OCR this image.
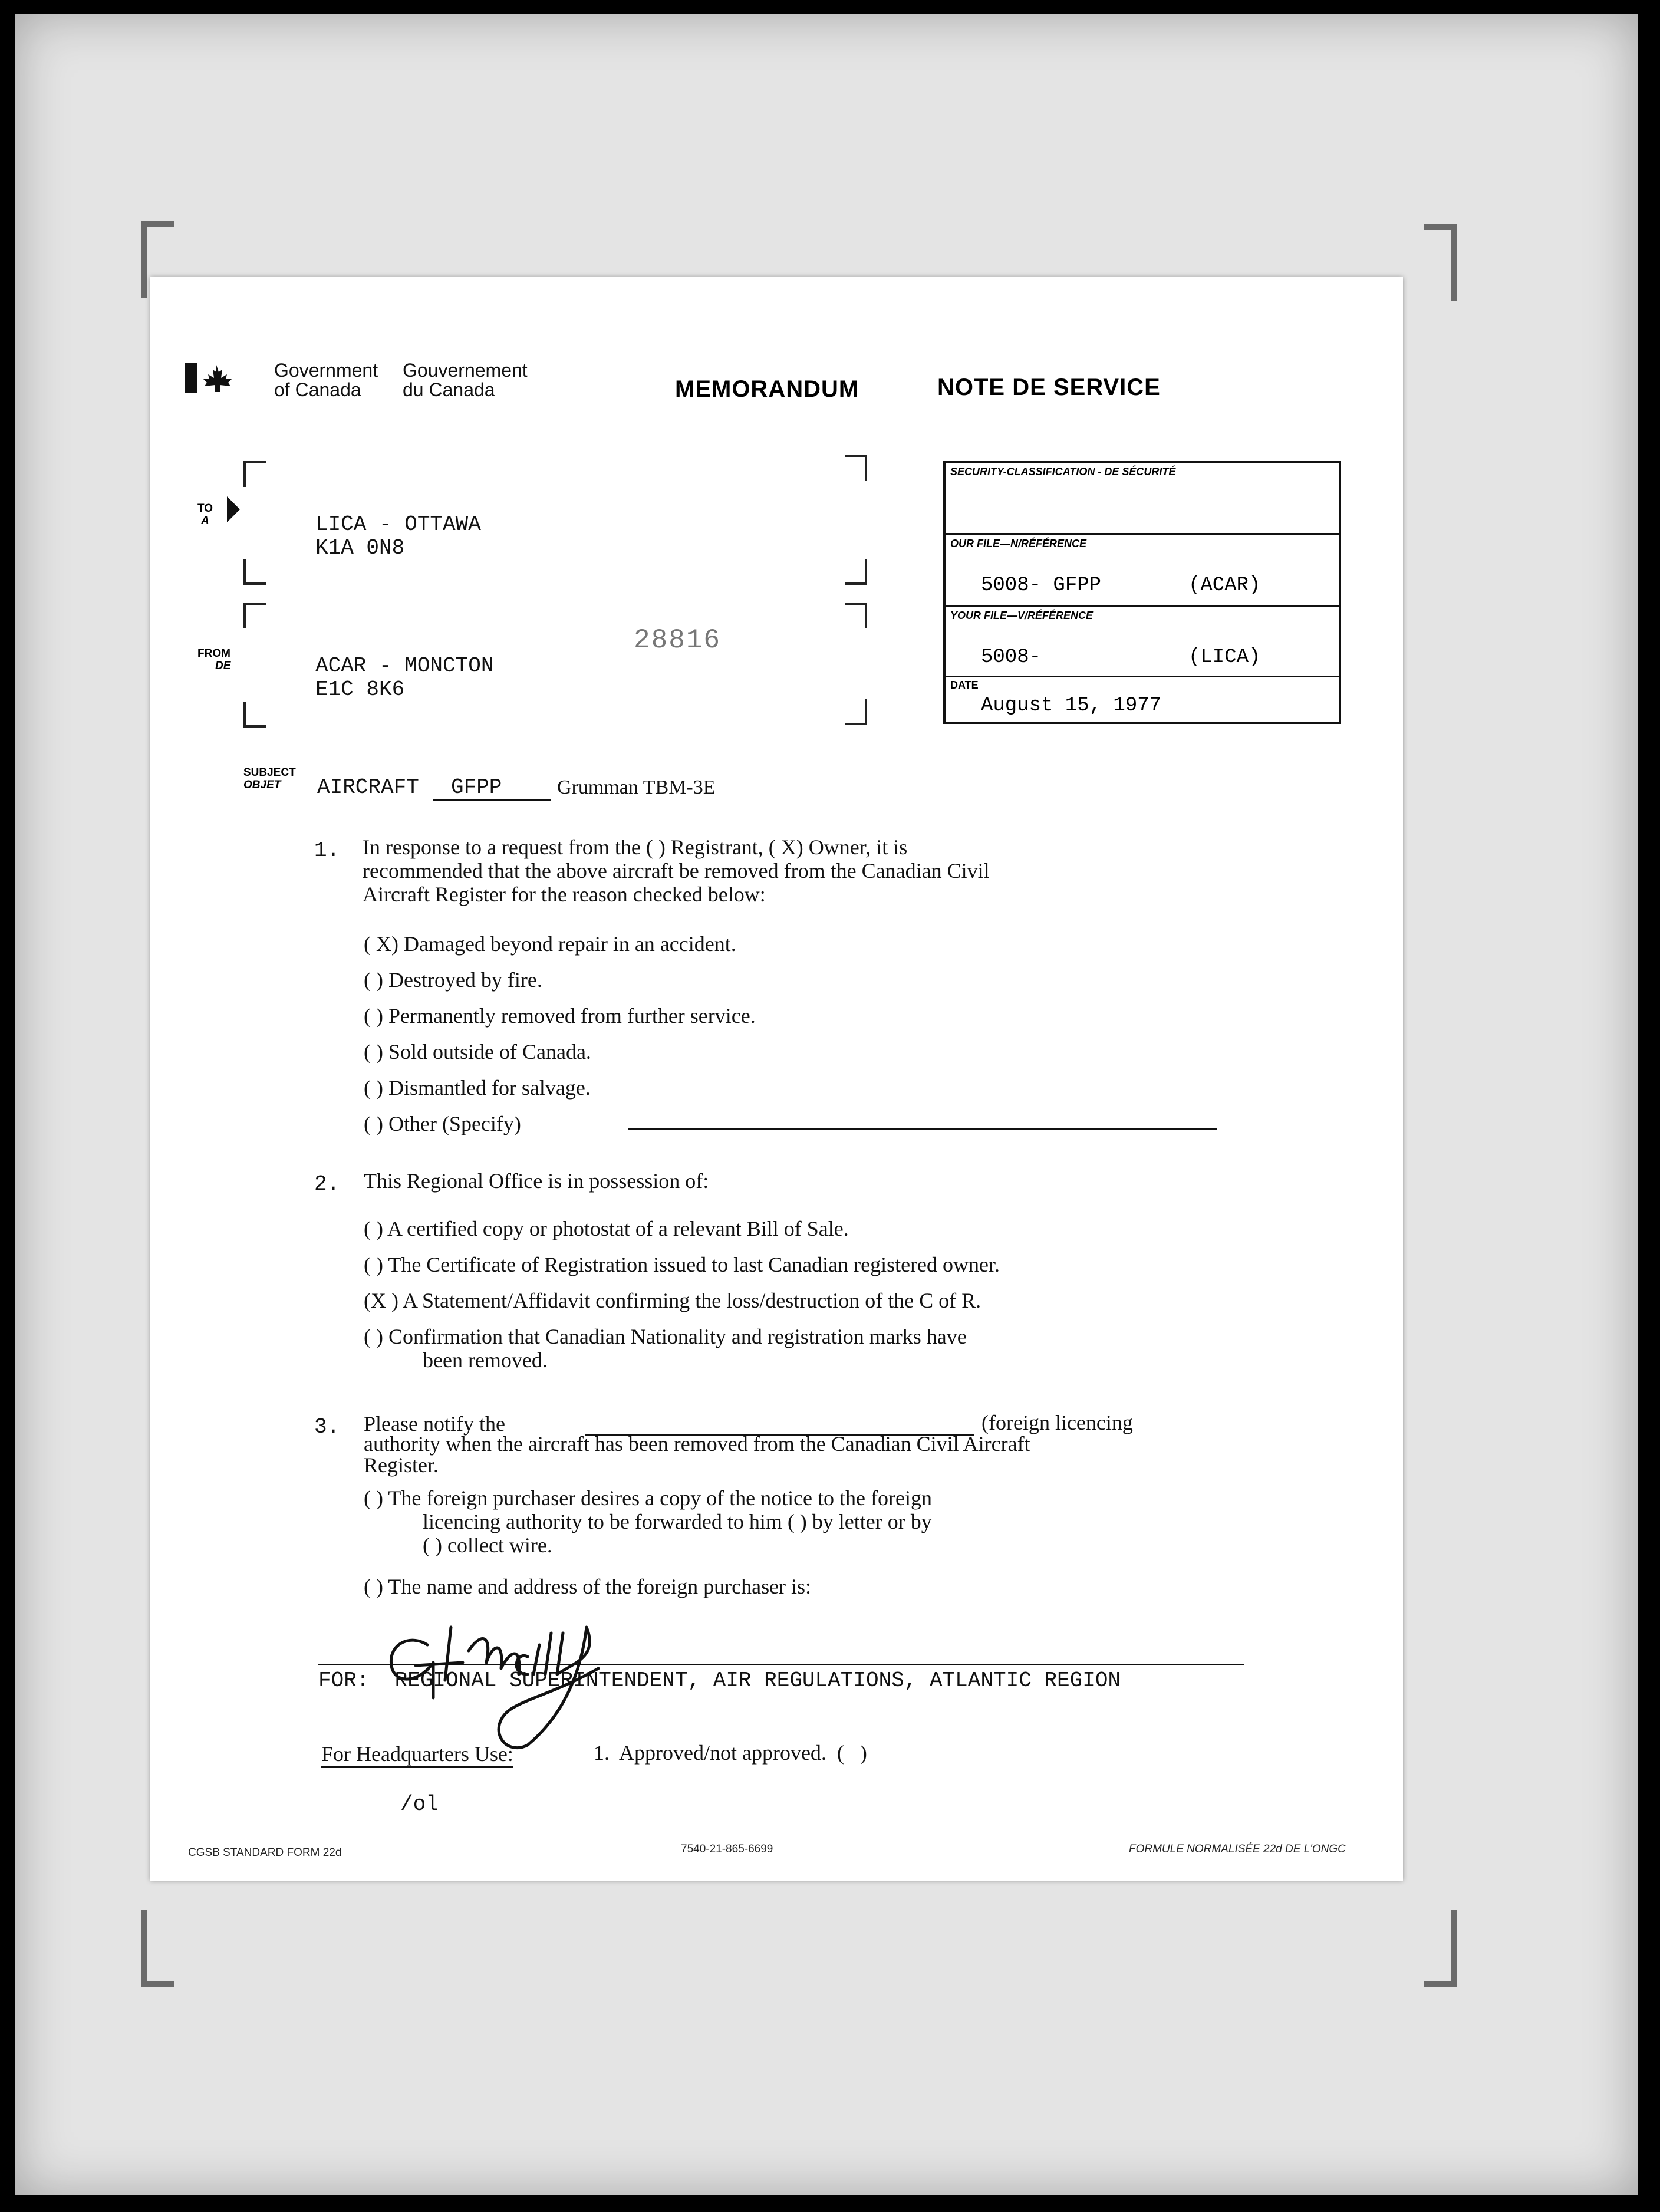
Government
of Canada
Gouvernement
du Canada	MEMORANDUM	NOTE DE SERVICE
TO
A	LICA - OTTAWA
K1A 0N8
FROM
DE	ACAR - MONCTON
E1C 8K6
28816
SECURITY-CLASSIFICATION - DE SÉCURITÉ
OUR FILE—N/RÉFÉRENCE
5008- GFPP	(ACAR)
YOUR FILE—V/RÉFÉRENCE
5008-	(LICA)
DATE
August 15, 1977
SUBJECT
OBJET	AIRCRAFT	GFPP	Grumman TBM-3E
1. In response to a request from the ( ) Registrant, ( X) Owner, it is
recommended that the above aircraft be removed from the Canadian Civil
Aircraft Register for the reason checked below:
( X) Damaged beyond repair in an accident.
( ) Destroyed by fire.
( ) Permanently removed from further service.
( ) Sold outside of Canada.
( ) Dismantled for salvage.
( ) Other (Specify)
2. This Regional Office is in possession of:
( ) A certified copy or photostat of a relevant Bill of Sale.
( ) The Certificate of Registration issued to last Canadian registered owner.
(X ) A Statement/Affidavit confirming the loss/destruction of the C of R.
( ) Confirmation that Canadian Nationality and registration marks have
been removed.
3. Please notify the	(foreign licencing
authority when the aircraft has been removed from the Canadian Civil Aircraft
Register.
( ) The foreign purchaser desires a copy of the notice to the foreign
licencing authority to be forwarded to him ( ) by letter or by
( ) collect wire.
( ) The name and address of the foreign purchaser is:
FOR:  REGIONAL SUPERINTENDENT, AIR REGULATIONS, ATLANTIC REGION
For Headquarters Use:	1.  Approved/not approved.  (   )
/ol
CGSB STANDARD FORM 22d	7540-21-865-6699	FORMULE NORMALISÉE 22d DE L'ONGC
